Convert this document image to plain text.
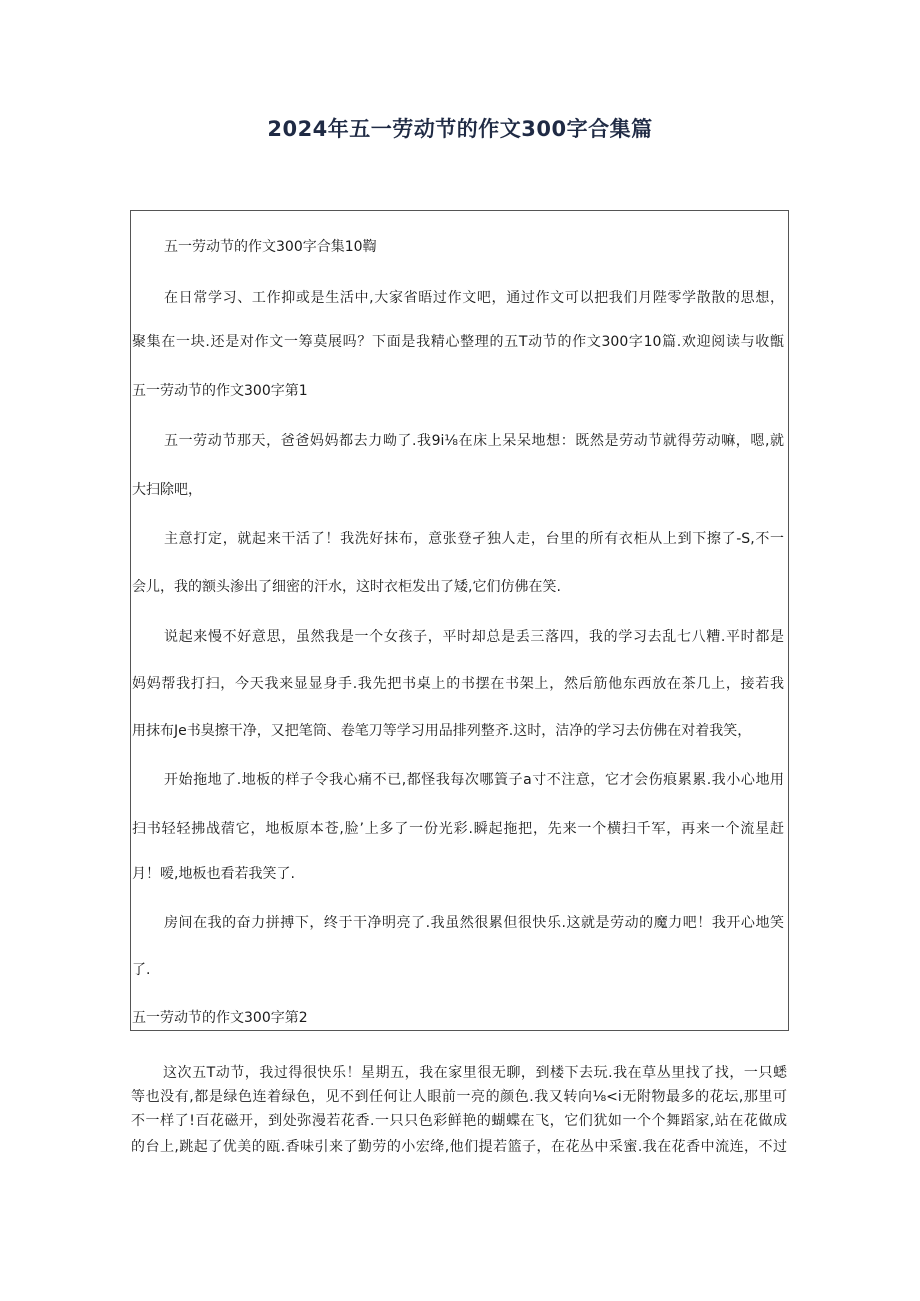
2024年五一劳动节的作文300字合集篇
五一劳动节的作文300字合集10鞫
在日常学习、工作抑或是生活中,大家省晤过作文吧，通过作文可以把我们月陛零学散散的思想，
聚集在一块.还是对作文一筹莫展吗？下面是我精心整理的五T动节的作文300字10篇.欢迎阅读与收甑
五一劳动节的作文300字第1
五一劳动节那天，爸爸妈妈都去力呦了.我9i⅛在床上呆呆地想：既然是劳动节就得劳动嘛，嗯,就
大扫除吧，
主意打定，就起来干活了！我洗好抹布，意张登孑独人走，台里的所有衣柜从上到下擦了-S,不一
会儿，我的额头渗出了细密的汗水，这时衣柜发出了矮,它们仿佛在笑.
说起来慢不好意思，虽然我是一个女孩子，平时却总是丢三落四，我的学习去乱七八糟.平时都是
妈妈帮我打扫，今天我来显显身手.我先把书桌上的书摆在书架上，然后筋他东西放在茶几上，接若我
用抹布Je书臭擦干净，又把笔筒、卷笔刀等学习用品排列整齐.这时，洁净的学习去仿佛在对着我笑，
开始拖地了.地板的样子令我心痛不已,都怪我每次哪篢子a寸不注意，它才会伤痕累累.我小心地用
扫书轻轻拂战蓿它，地板原本苍,脸’上多了一份光彩.瞬起拖把，先来一个横扫千军，再来一个流星赶
月！嗳,地板也看若我笑了.
房间在我的奋力拼搏下，终于干净明亮了.我虽然很累但很快乐.这就是劳动的魔力吧！我开心地笑
了.
五一劳动节的作文300字第2
这次五T动节，我过得很快乐！星期五，我在家里很无聊，到楼下去玩.我在草丛里找了找，一只蟋
等也没有,都是绿色连着绿色，见不到任何让人眼前一亮的颜色.我又转向⅛<i无附物最多的花坛,那里可
不一样了!百花磁开，到处弥漫若花香.一只只色彩鲜艳的蝴蝶在飞，它们犹如一个个舞蹈家,站在花做成
的台上,跳起了优美的瓯.香味引来了勤劳的小宏绛,他们提若篮子，在花丛中采蜜.我在花香中流连，不过
